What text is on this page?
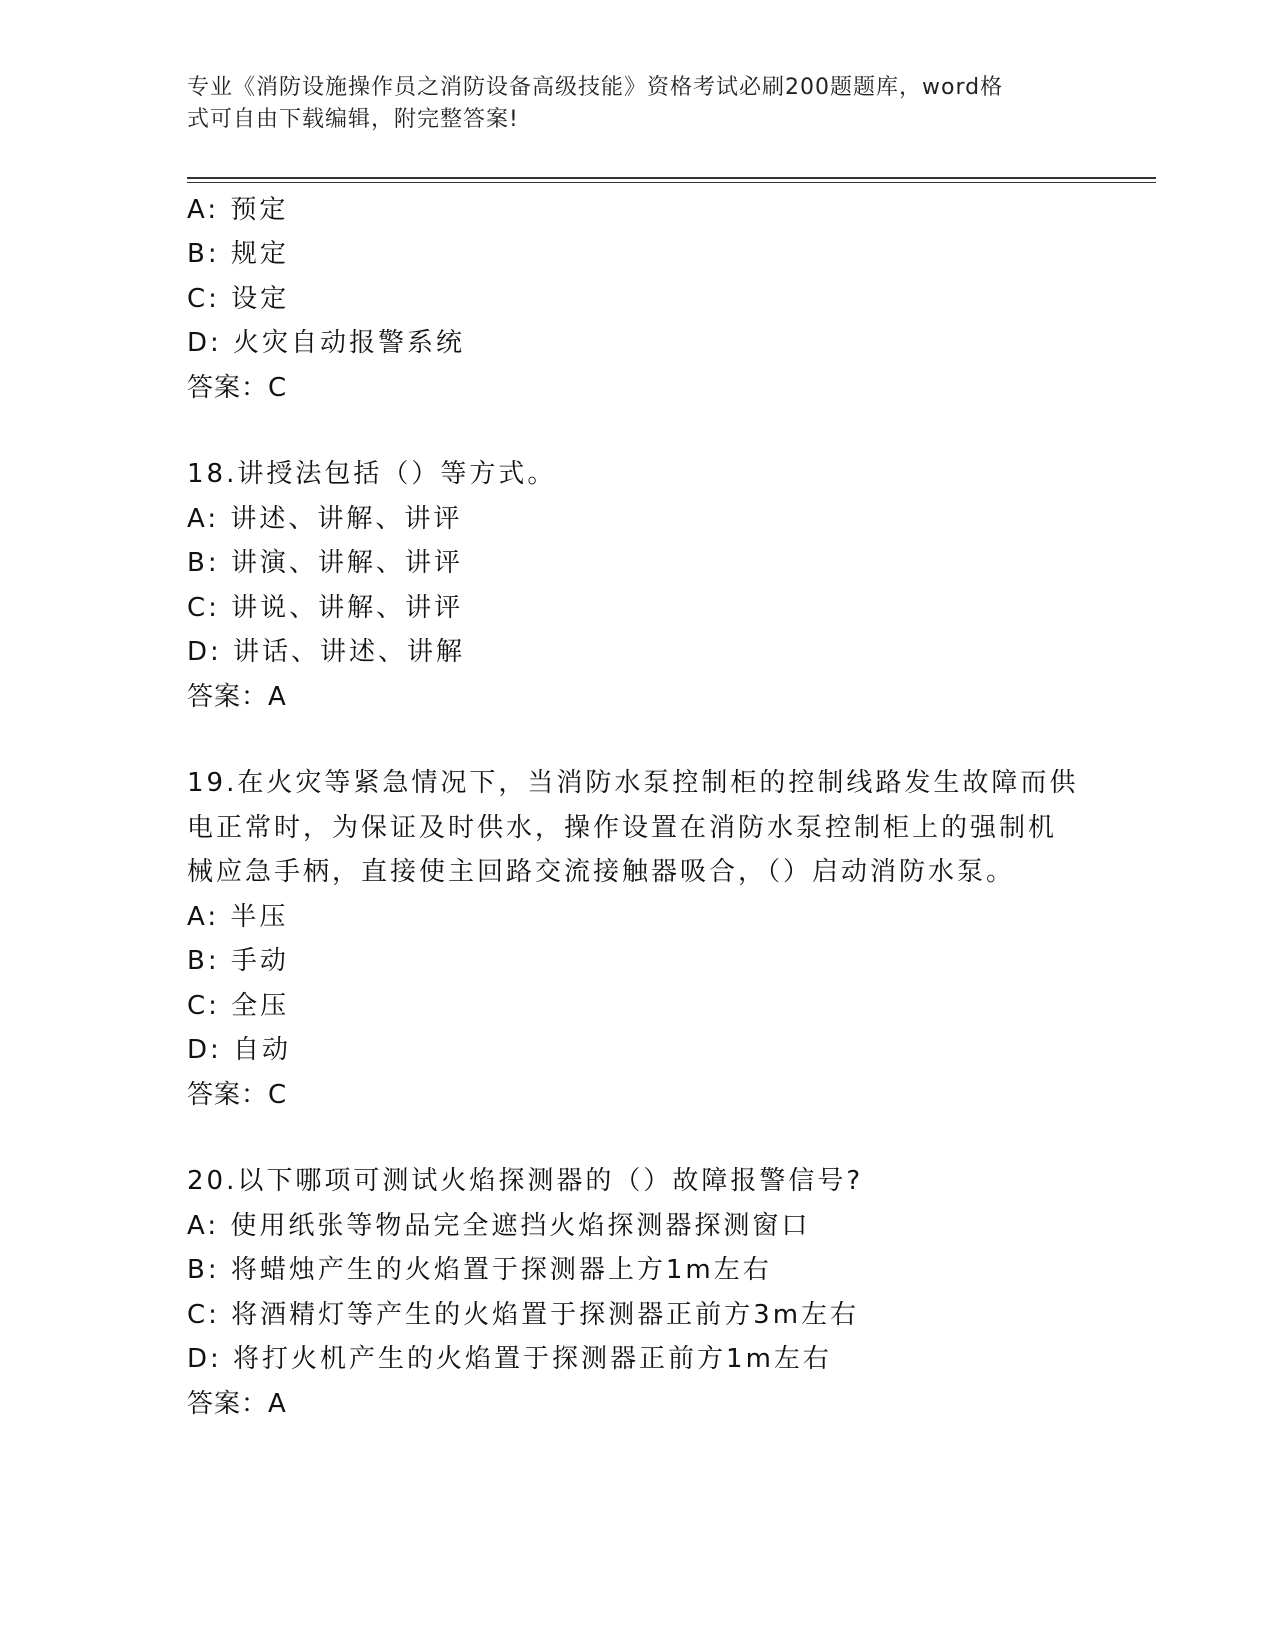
专业《消防设施操作员之消防设备高级技能》资格考试必刷200题题库，word格
式可自由下载编辑，附完整答案!
A: 预定
B: 规定
C: 设定
D: 火灾自动报警系统
答案：C
18.讲授法包括（）等方式。
A: 讲述、讲解、讲评
B: 讲演、讲解、讲评
C: 讲说、讲解、讲评
D: 讲话、讲述、讲解
答案：A
19.在火灾等紧急情况下，当消防水泵控制柜的控制线路发生故障而供
电正常时，为保证及时供水，操作设置在消防水泵控制柜上的强制机
械应急手柄，直接使主回路交流接触器吸合，（）启动消防水泵。
A: 半压
B: 手动
C: 全压
D: 自动
答案：C
20.以下哪项可测试火焰探测器的（）故障报警信号?
A: 使用纸张等物品完全遮挡火焰探测器探测窗口
B: 将蜡烛产生的火焰置于探测器上方1m左右
C: 将酒精灯等产生的火焰置于探测器正前方3m左右
D: 将打火机产生的火焰置于探测器正前方1m左右
答案：A
